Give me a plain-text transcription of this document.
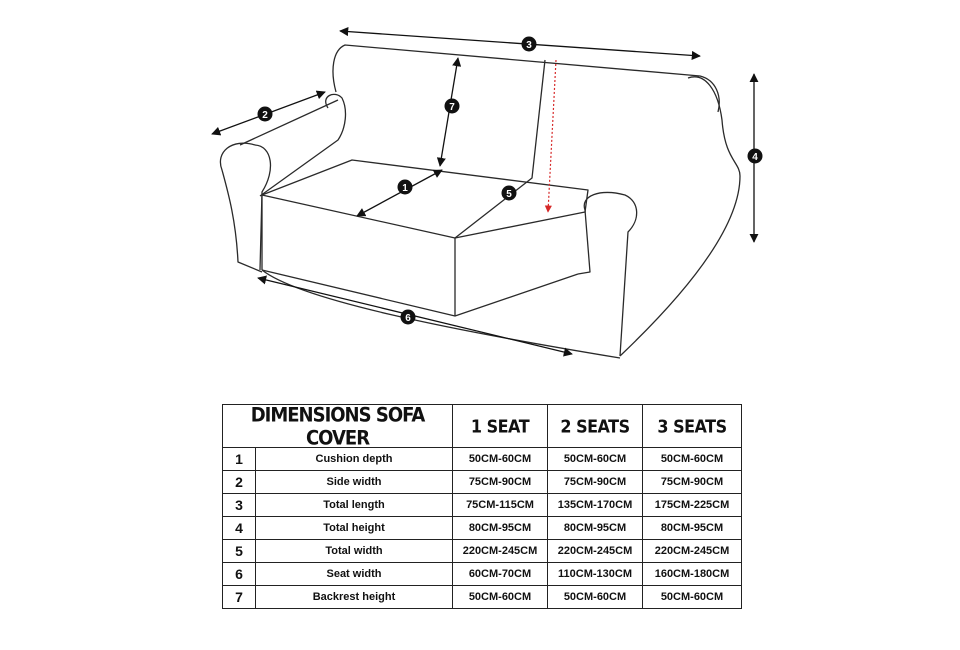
1
2
3
4
5
6
7
DIMENSIONS SOFA COVER		1 SEAT	2 SEATS	3 SEATS
1	Cushion depth	50CM-60CM	50CM-60CM	50CM-60CM
2	Side width	75CM-90CM	75CM-90CM	75CM-90CM
3	Total length	75CM-115CM	135CM-170CM	175CM-225CM
4	Total height	80CM-95CM	80CM-95CM	80CM-95CM
5	Total width	220CM-245CM	220CM-245CM	220CM-245CM
6	Seat width	60CM-70CM	110CM-130CM	160CM-180CM
7	Backrest height	50CM-60CM	50CM-60CM	50CM-60CM
